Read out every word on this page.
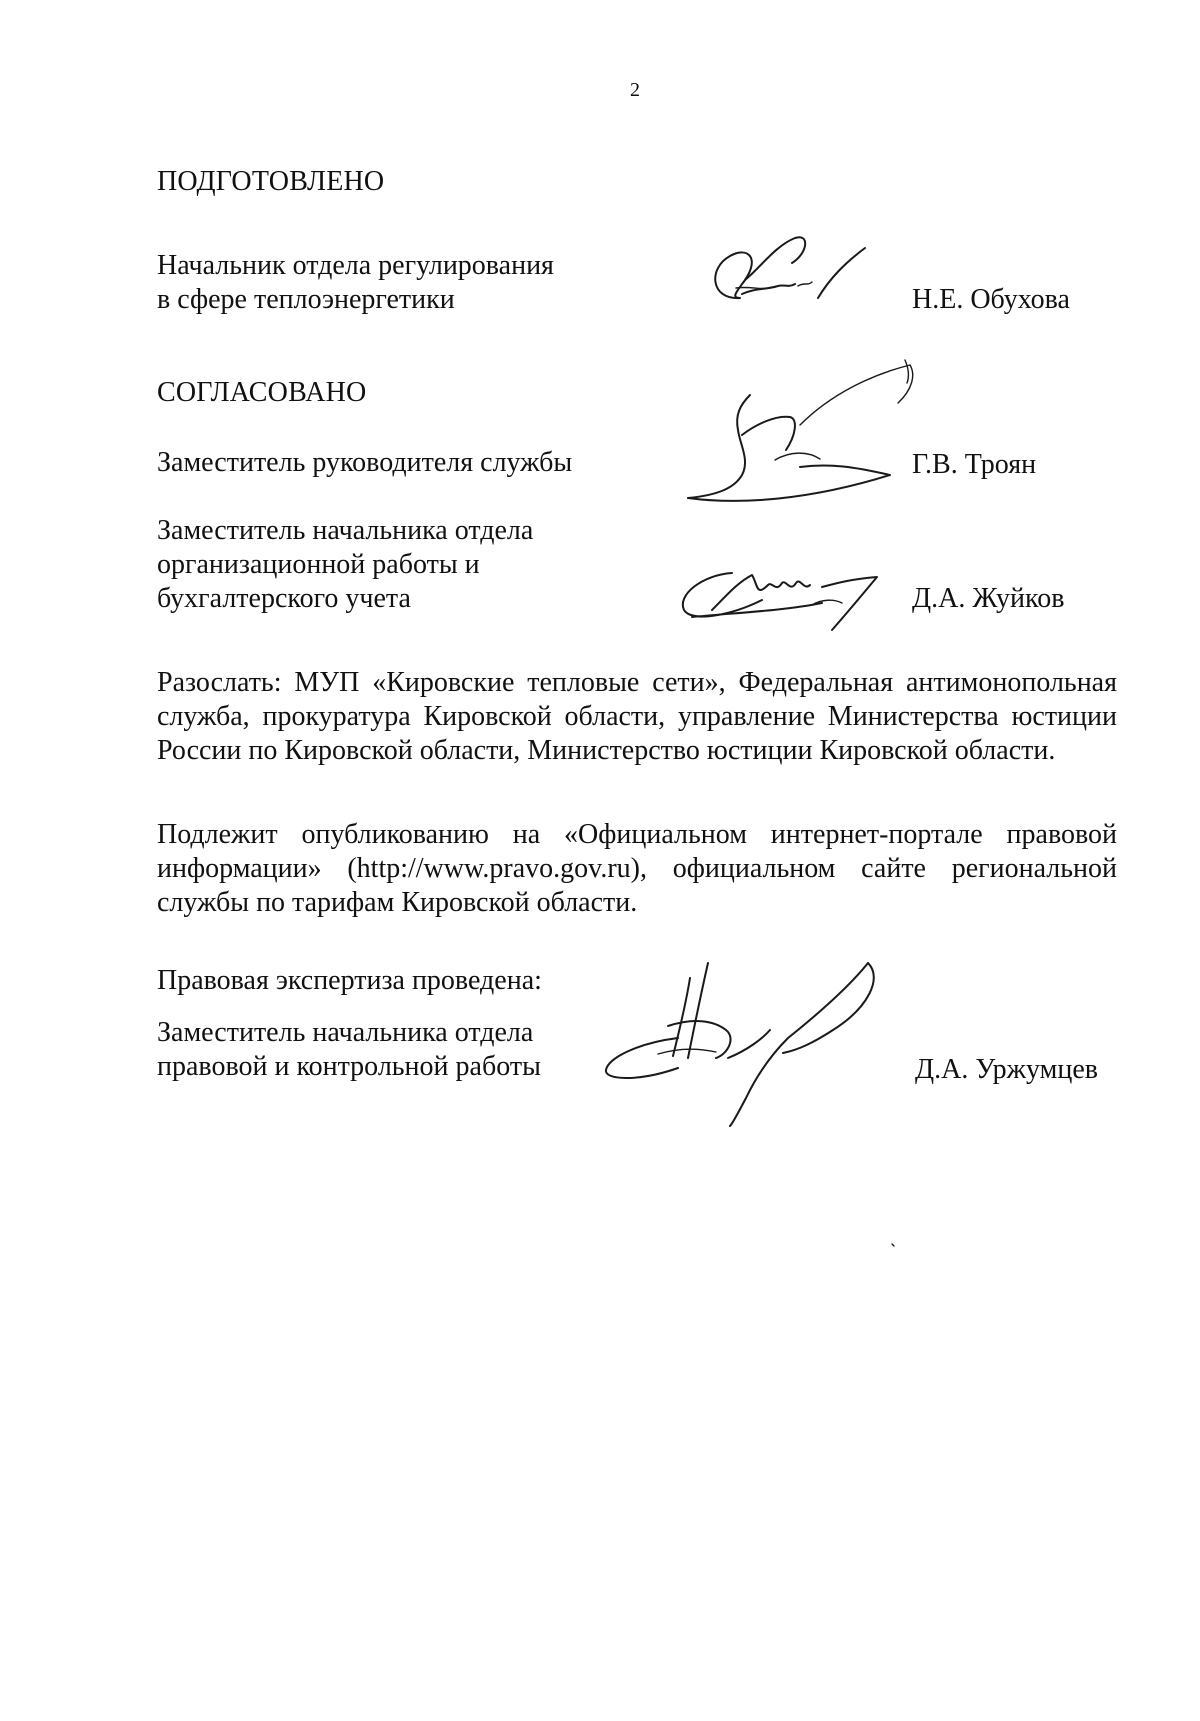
2
ПОДГОТОВЛЕНО
Начальник отдела регулирования
в сфере теплоэнергетики	Н.Е. Обухова
СОГЛАСОВАНО
Заместитель руководителя службы	Г.В. Троян
Заместитель начальника отдела
организационной работы и
бухгалтерского учета	Д.А. Жуйков
Разослать: МУП «Кировские тепловые сети», Федеральная антимонопольная
служба, прокуратура Кировской области, управление Министерства юстиции
России по Кировской области, Министерство юстиции Кировской области.
Подлежит опубликованию на «Официальном интернет-портале правовой
информации» (http://www.pravo.gov.ru), официальном сайте региональной
службы по тарифам Кировской области.
Правовая экспертиза проведена:
Заместитель начальника отдела
правовой и контрольной работы	Д.А. Уржумцев
